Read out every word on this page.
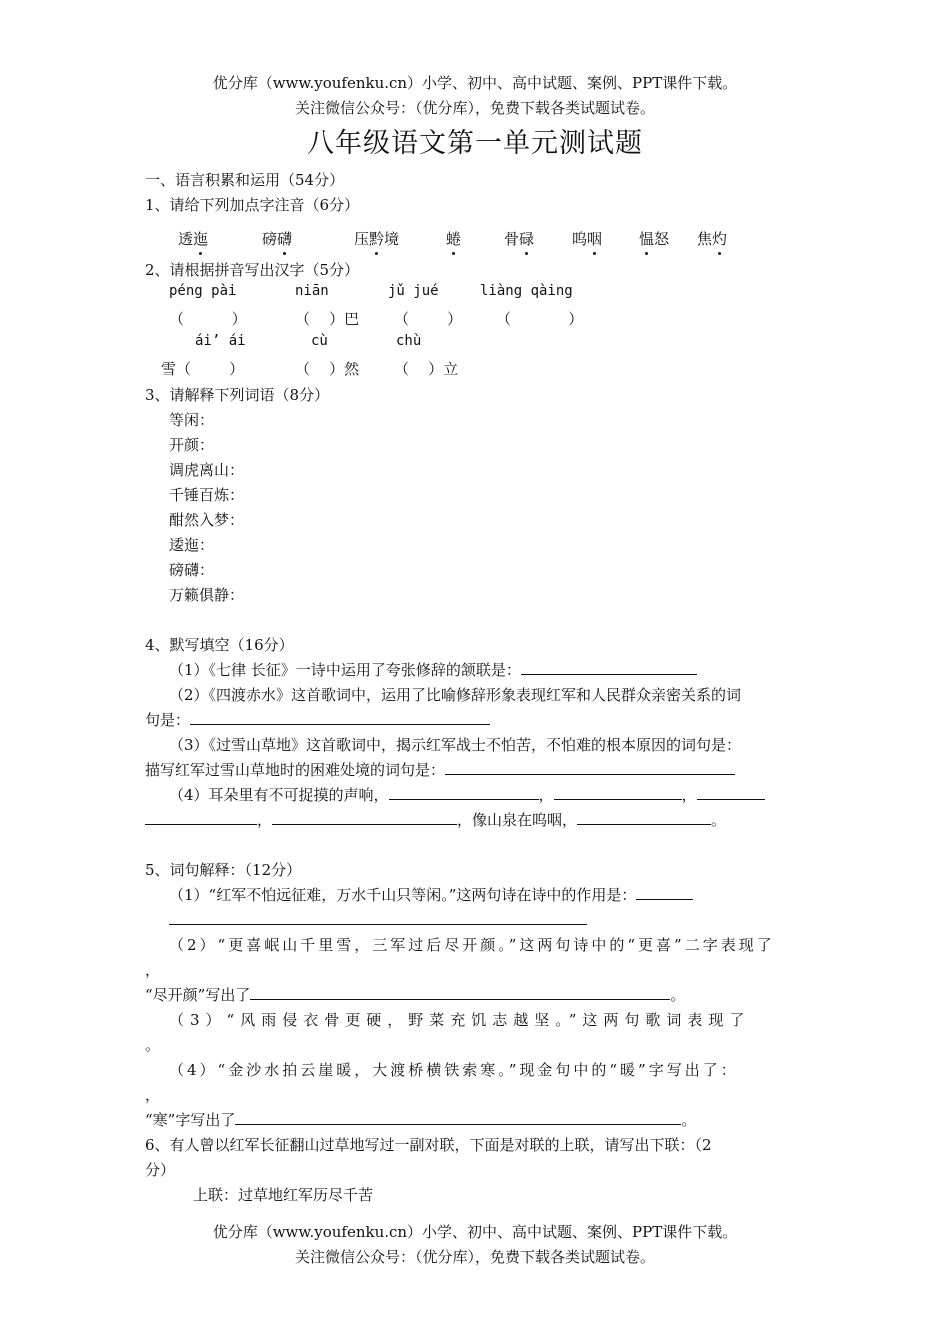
优分库（www.youfenku.cn）小学、初中、高中试题、案例、PPT课件下载。
关注微信公众号：（优分库），免费下载各类试题试卷。
八年级语文第一单元测试题
一、语言积累和运用（54分）
1、请给下列加点字注音（6分）
透迤	磅礴	压黔境	蜷	骨碌	呜咽 愠怒 焦灼
2、请根据拼音写出汉字（5分）
péng pài	niān	jǔ jué	liàng qàing
（          ）	（    ）巴 （        ） （            ）
ái’ ái	cù	chù
雪（        ）	（    ）然 （    ）立
3、请解释下列词语（8分）
等闲：
开颜：
调虎离山：
千锤百炼：
酣然入梦：
逶迤：
磅礴：
万籁俱静：
4、默写填空（16分）
（1）《七律 长征》一诗中运用了夸张修辞的颔联是：
（2）《四渡赤水》这首歌词中，运用了比喻修辞形象表现红军和人民群众亲密关系的词
句是：
（3）《过雪山草地》这首歌词中，揭示红军战士不怕苦，不怕难的根本原因的词句是：
描写红军过雪山草地时的困难处境的词句是：
（4）耳朵里有不可捉摸的声响，	，	，
，	，像山泉在呜咽，	。
5、词句解释：（12分）
（1）“红军不怕远征难，万水千山只等闲。”这两句诗在诗中的作用是：
（2）“更喜岷山千里雪，三军过后尽开颜。”这两句诗中的“更喜”二字表现了
，
“尽开颜”写出了	。
（3）“风雨侵衣骨更硬，野菜充饥志越坚。”这两句歌词表现了
。
（4）“金沙水拍云崖暖，大渡桥横铁索寒。”现金句中的“暖”字写出了：
，
“寒”字写出了	。
6、有人曾以红军长征翻山过草地写过一副对联，下面是对联的上联，请写出下联：（2
分）
上联：过草地红军历尽千苦
优分库（www.youfenku.cn）小学、初中、高中试题、案例、PPT课件下载。
关注微信公众号：（优分库），免费下载各类试题试卷。
